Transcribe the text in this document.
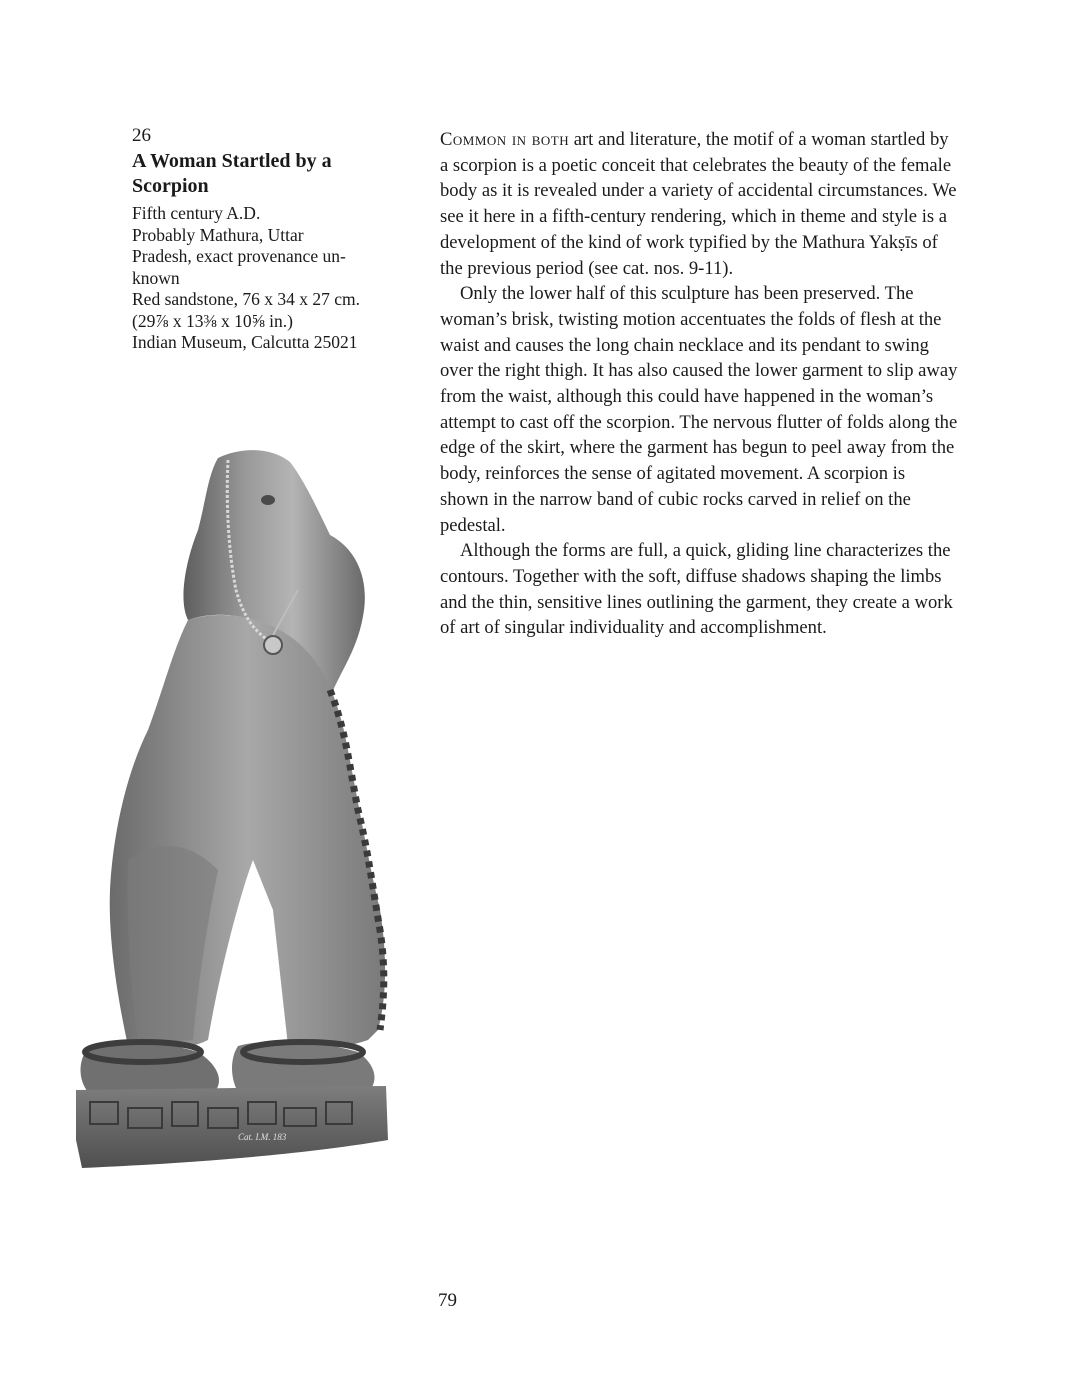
26
A Woman Startled by a Scorpion
Fifth century A.D.
Probably Mathura, Uttar
Pradesh, exact provenance un-
known
Red sandstone, 76 x 34 x 27 cm.
(29⅞ x 13⅜ x 10⅝ in.)
Indian Museum, Calcutta 25021

Common in both art and literature, the motif of a woman startled by a scorpion is a poetic conceit that celebrates the beauty of the female body as it is revealed under a variety of accidental circumstances. We see it here in a fifth-century rendering, which in theme and style is a development of the kind of work typified by the Mathura Yakṣīs of the previous period (see cat. nos. 9-11).

Only the lower half of this sculpture has been preserved. The woman’s brisk, twisting motion accentuates the folds of flesh at the waist and causes the long chain necklace and its pendant to swing over the right thigh. It has also caused the lower garment to slip away from the waist, although this could have happened in the woman’s attempt to cast off the scorpion. The nervous flutter of folds along the edge of the skirt, where the garment has begun to peel away from the body, reinforces the sense of agitated movement. A scorpion is shown in the narrow band of cubic rocks carved in relief on the pedestal.

Although the forms are full, a quick, gliding line characterizes the contours. Together with the soft, diffuse shadows shaping the limbs and the thin, sensitive lines outlining the garment, they create a work of art of singular individuality and accomplishment.

Cat. I.M. 183
79
